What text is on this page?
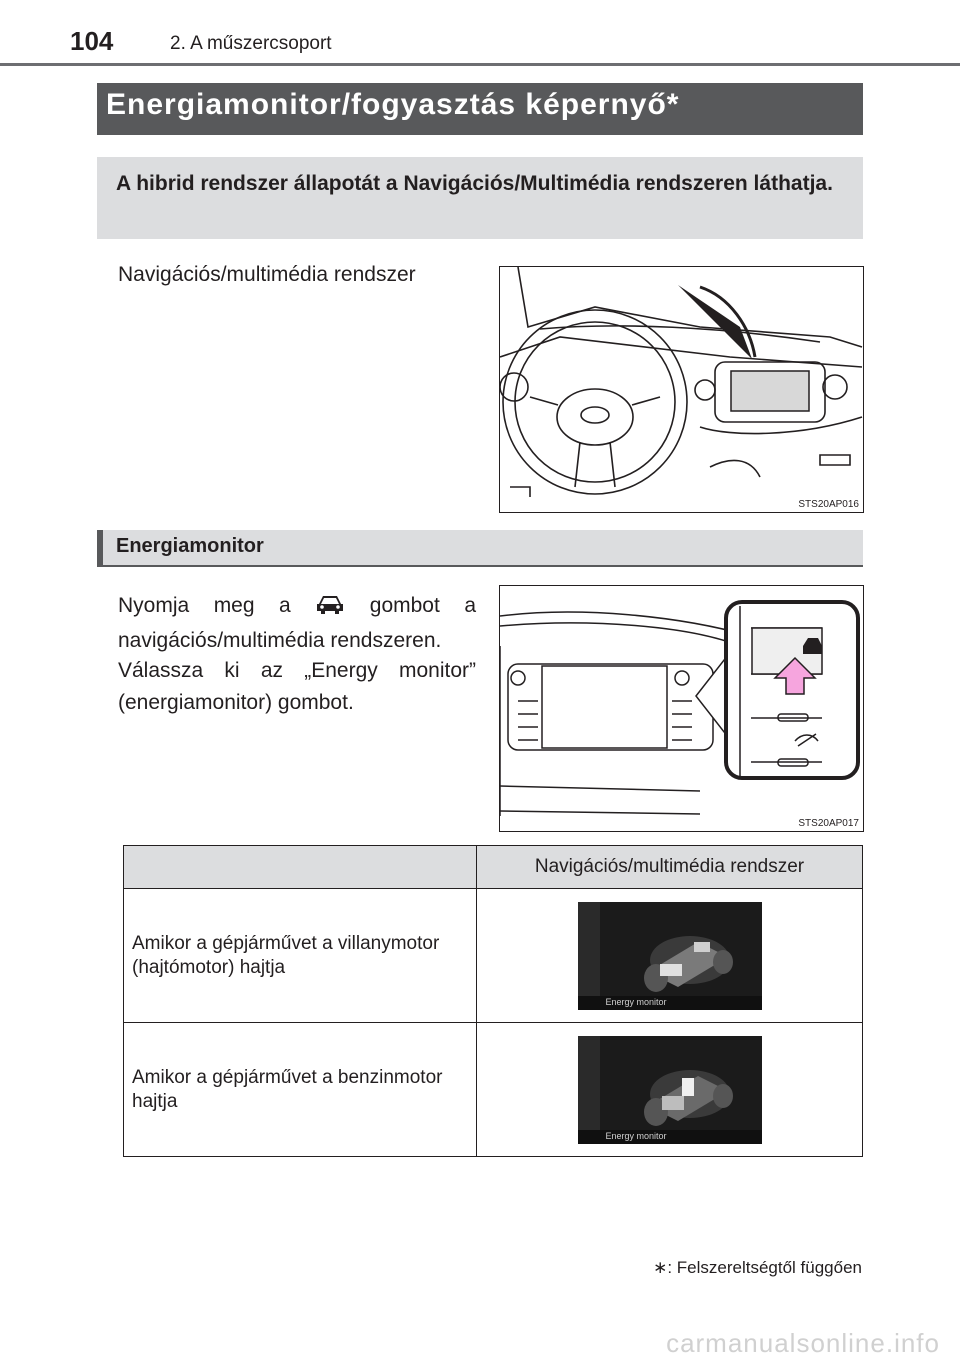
104	2. A műszercsoport
Energiamonitor/fogyasztás képernyő*
A hibrid rendszer állapotát a Navigációs/Multimédia rendszeren láthatja.
Navigációs/multimédia rendszer
STS20AP016
Energiamonitor
Nyomja meg a	gombot a navigációs/multimédia rendszeren.
Válassza ki az „Energy monitor” (energiamonitor) gombot.
STS20AP017
	Navigációs/multimédia rendszer
Amikor a gépjárművet a villanymotor (hajtómotor) hajtja	Energy monitor

Amikor a gépjárművet a benzinmotor hajtja	Energy monitor
∗: Felszereltségtől függően
carmanualsonline.info
